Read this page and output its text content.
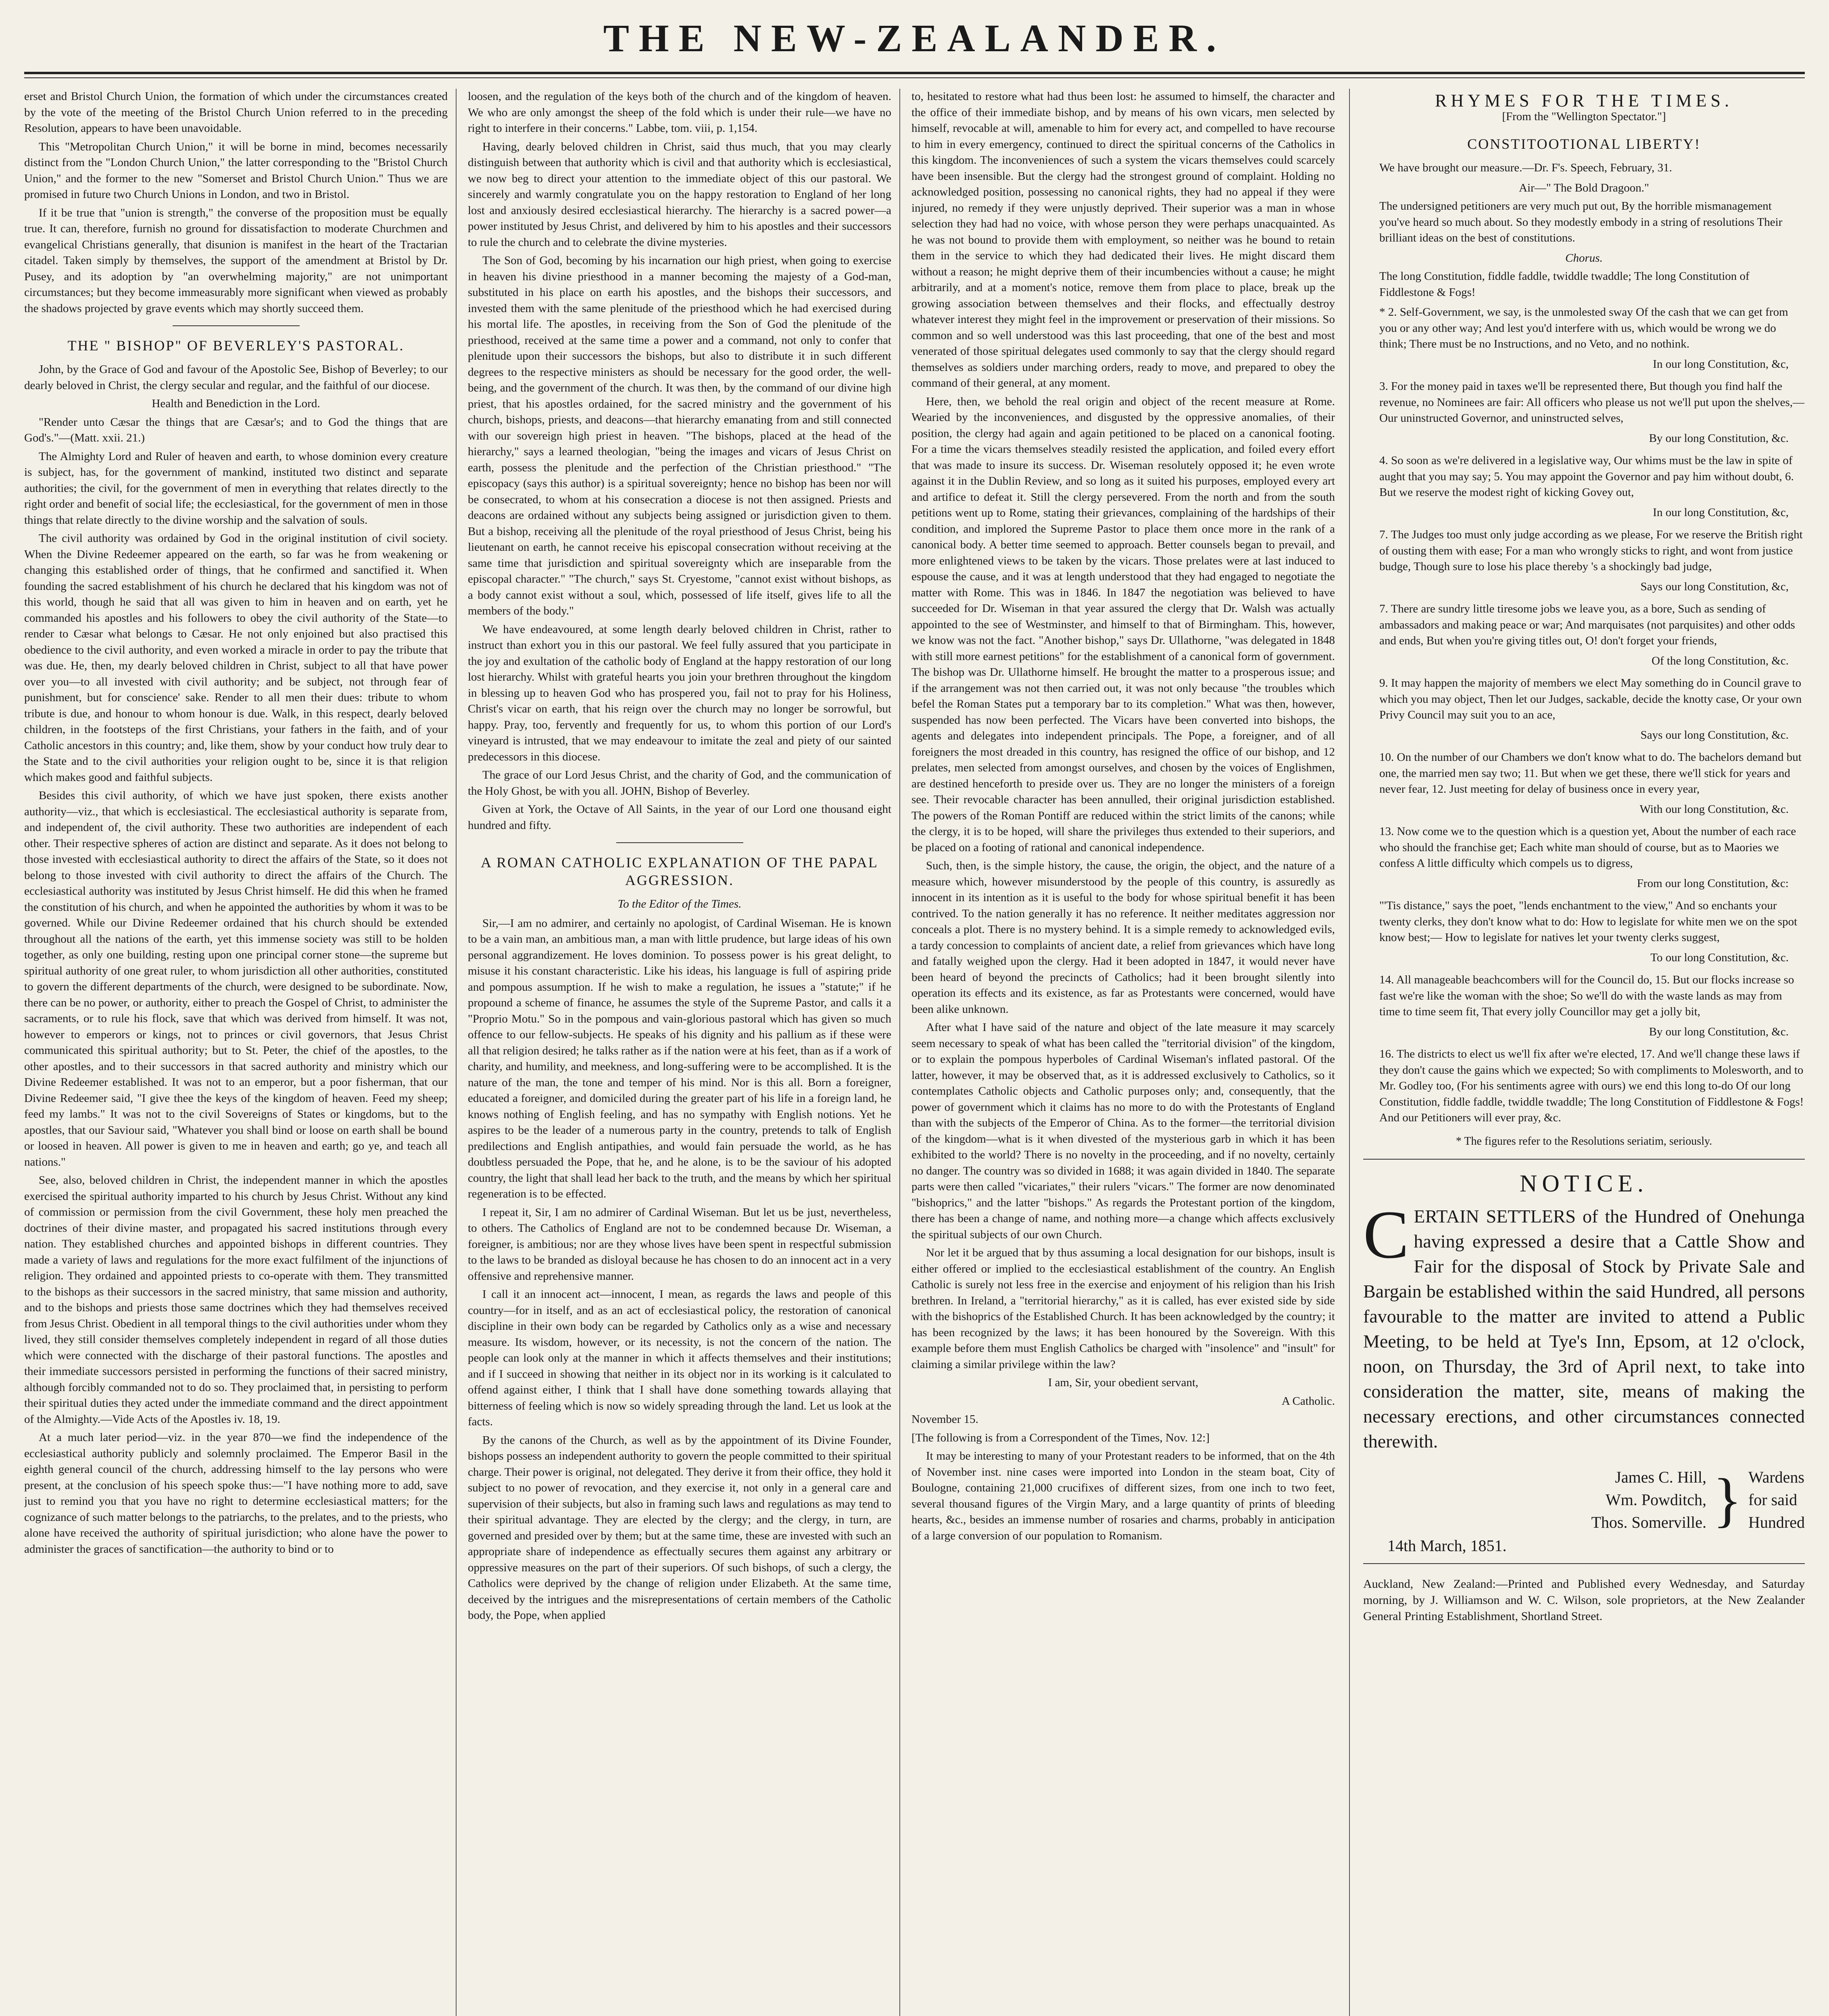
THE NEW-ZEALANDER.

erset and Bristol Church Union, the formation of which under the circumstances created by the vote of the meeting of the Bristol Church Union referred to in the preceding Resolution, appears to have been unavoidable.

This "Metropolitan Church Union," it will be borne in mind, becomes necessarily distinct from the "London Church Union," the latter corresponding to the "Bristol Church Union," and the former to the new "Somerset and Bristol Church Union." Thus we are promised in future two Church Unions in London, and two in Bristol.

If it be true that "union is strength," the converse of the proposition must be equally true. It can, therefore, furnish no ground for dissatisfaction to moderate Churchmen and evangelical Christians generally, that disunion is manifest in the heart of the Tractarian citadel. Taken simply by themselves, the support of the amendment at Bristol by Dr. Pusey, and its adoption by "an overwhelming majority," are not unimportant circumstances; but they become immeasurably more significant when viewed as probably the shadows projected by grave events which may shortly succeed them.

THE " BISHOP" OF BEVERLEY'S PASTORAL.

John, by the Grace of God and favour of the Apostolic See, Bishop of Beverley; to our dearly beloved in Christ, the clergy secular and regular, and the faithful of our diocese.

Health and Benediction in the Lord.

"Render unto Cæsar the things that are Cæsar's; and to God the things that are God's."—(Matt. xxii. 21.)

The Almighty Lord and Ruler of heaven and earth, to whose dominion every creature is subject, has, for the government of mankind, instituted two distinct and separate authorities; the civil, for the government of men in everything that relates directly to the right order and benefit of social life; the ecclesiastical, for the government of men in those things that relate directly to the divine worship and the salvation of souls.

The civil authority was ordained by God in the original institution of civil society. When the Divine Redeemer appeared on the earth, so far was he from weakening or changing this established order of things, that he confirmed and sanctified it. When founding the sacred establishment of his church he declared that his kingdom was not of this world, though he said that all was given to him in heaven and on earth, yet he commanded his apostles and his followers to obey the civil authority of the State—to render to Cæsar what belongs to Cæsar. He not only enjoined but also practised this obedience to the civil authority, and even worked a miracle in order to pay the tribute that was due. He, then, my dearly beloved children in Christ, subject to all that have power over you—to all invested with civil authority; and be subject, not through fear of punishment, but for conscience' sake. Render to all men their dues: tribute to whom tribute is due, and honour to whom honour is due. Walk, in this respect, dearly beloved children, in the footsteps of the first Christians, your fathers in the faith, and of your Catholic ancestors in this country; and, like them, show by your conduct how truly dear to the State and to the civil authorities your religion ought to be, since it is that religion which makes good and faithful subjects.

Besides this civil authority, of which we have just spoken, there exists another authority—viz., that which is ecclesiastical. The ecclesiastical authority is separate from, and independent of, the civil authority. These two authorities are independent of each other. Their respective spheres of action are distinct and separate. As it does not belong to those invested with ecclesiastical authority to direct the affairs of the State, so it does not belong to those invested with civil authority to direct the affairs of the Church. The ecclesiastical authority was instituted by Jesus Christ himself. He did this when he framed the constitution of his church, and when he appointed the authorities by whom it was to be governed. While our Divine Redeemer ordained that his church should be extended throughout all the nations of the earth, yet this immense society was still to be holden together, as only one building, resting upon one principal corner stone—the supreme but spiritual authority of one great ruler, to whom jurisdiction all other authorities, constituted to govern the different departments of the church, were designed to be subordinate. Now, there can be no power, or authority, either to preach the Gospel of Christ, to administer the sacraments, or to rule his flock, save that which was derived from himself. It was not, however to emperors or kings, not to princes or civil governors, that Jesus Christ communicated this spiritual authority; but to St. Peter, the chief of the apostles, to the other apostles, and to their successors in that sacred authority and ministry which our Divine Redeemer established. It was not to an emperor, but a poor fisherman, that our Divine Redeemer said, "I give thee the keys of the kingdom of heaven. Feed my sheep; feed my lambs." It was not to the civil Sovereigns of States or kingdoms, but to the apostles, that our Saviour said, "Whatever you shall bind or loose on earth shall be bound or loosed in heaven. All power is given to me in heaven and earth; go ye, and teach all nations."

See, also, beloved children in Christ, the independent manner in which the apostles exercised the spiritual authority imparted to his church by Jesus Christ. Without any kind of commission or permission from the civil Government, these holy men preached the doctrines of their divine master, and propagated his sacred institutions through every nation. They established churches and appointed bishops in different countries. They made a variety of laws and regulations for the more exact fulfilment of the injunctions of religion. They ordained and appointed priests to co-operate with them. They transmitted to the bishops as their successors in the sacred ministry, that same mission and authority, and to the bishops and priests those same doctrines which they had themselves received from Jesus Christ. Obedient in all temporal things to the civil authorities under whom they lived, they still consider themselves completely independent in regard of all those duties which were connected with the discharge of their pastoral functions. The apostles and their immediate successors persisted in performing the functions of their sacred ministry, although forcibly commanded not to do so. They proclaimed that, in persisting to perform their spiritual duties they acted under the immediate command and the direct appointment of the Almighty.—Vide Acts of the Apostles iv. 18, 19.

At a much later period—viz. in the year 870—we find the independence of the ecclesiastical authority publicly and solemnly proclaimed. The Emperor Basil in the eighth general council of the church, addressing himself to the lay persons who were present, at the conclusion of his speech spoke thus:—"I have nothing more to add, save just to remind you that you have no right to determine ecclesiastical matters; for the cognizance of such matter belongs to the patriarchs, to the prelates, and to the priests, who alone have received the authority of spiritual jurisdiction; who alone have the power to administer the graces of sanctification—the authority to bind or to

loosen, and the regulation of the keys both of the church and of the kingdom of heaven. We who are only amongst the sheep of the fold which is under their rule—we have no right to interfere in their concerns." Labbe, tom. viii, p. 1,154.

Having, dearly beloved children in Christ, said thus much, that you may clearly distinguish between that authority which is civil and that authority which is ecclesiastical, we now beg to direct your attention to the immediate object of this our pastoral. We sincerely and warmly congratulate you on the happy restoration to England of her long lost and anxiously desired ecclesiastical hierarchy. The hierarchy is a sacred power—a power instituted by Jesus Christ, and delivered by him to his apostles and their successors to rule the church and to celebrate the divine mysteries.

The Son of God, becoming by his incarnation our high priest, when going to exercise in heaven his divine priesthood in a manner becoming the majesty of a God-man, substituted in his place on earth his apostles, and the bishops their successors, and invested them with the same plenitude of the priesthood which he had exercised during his mortal life. The apostles, in receiving from the Son of God the plenitude of the priesthood, received at the same time a power and a command, not only to confer that plenitude upon their successors the bishops, but also to distribute it in such different degrees to the respective ministers as should be necessary for the good order, the well-being, and the government of the church. It was then, by the command of our divine high priest, that his apostles ordained, for the sacred ministry and the government of his church, bishops, priests, and deacons—that hierarchy emanating from and still connected with our sovereign high priest in heaven. "The bishops, placed at the head of the hierarchy," says a learned theologian, "being the images and vicars of Jesus Christ on earth, possess the plenitude and the perfection of the Christian priesthood." "The episcopacy (says this author) is a spiritual sovereignty; hence no bishop has been nor will be consecrated, to whom at his consecration a diocese is not then assigned. Priests and deacons are ordained without any subjects being assigned or jurisdiction given to them. But a bishop, receiving all the plenitude of the royal priesthood of Jesus Christ, being his lieutenant on earth, he cannot receive his episcopal consecration without receiving at the same time that jurisdiction and spiritual sovereignty which are inseparable from the episcopal character." "The church," says St. Cryestome, "cannot exist without bishops, as a body cannot exist without a soul, which, possessed of life itself, gives life to all the members of the body."

We have endeavoured, at some length dearly beloved children in Christ, rather to instruct than exhort you in this our pastoral. We feel fully assured that you participate in the joy and exultation of the catholic body of England at the happy restoration of our long lost hierarchy. Whilst with grateful hearts you join your brethren throughout the kingdom in blessing up to heaven God who has prospered you, fail not to pray for his Holiness, Christ's vicar on earth, that his reign over the church may no longer be sorrowful, but happy. Pray, too, fervently and frequently for us, to whom this portion of our Lord's vineyard is intrusted, that we may endeavour to imitate the zeal and piety of our sainted predecessors in this diocese.

The grace of our Lord Jesus Christ, and the charity of God, and the communication of the Holy Ghost, be with you all. JOHN, Bishop of Beverley.

Given at York, the Octave of All Saints, in the year of our Lord one thousand eight hundred and fifty.

A ROMAN CATHOLIC EXPLANATION OF THE PAPAL AGGRESSION.

To the Editor of the Times.

Sir,—I am no admirer, and certainly no apologist, of Cardinal Wiseman. He is known to be a vain man, an ambitious man, a man with little prudence, but large ideas of his own personal aggrandizement. He loves dominion. To possess power is his great delight, to misuse it his constant characteristic. Like his ideas, his language is full of aspiring pride and pompous assumption. If he wish to make a regulation, he issues a "statute;" if he propound a scheme of finance, he assumes the style of the Supreme Pastor, and calls it a "Proprio Motu." So in the pompous and vain-glorious pastoral which has given so much offence to our fellow-subjects. He speaks of his dignity and his pallium as if these were all that religion desired; he talks rather as if the nation were at his feet, than as if a work of charity, and humility, and meekness, and long-suffering were to be accomplished. It is the nature of the man, the tone and temper of his mind. Nor is this all. Born a foreigner, educated a foreigner, and domiciled during the greater part of his life in a foreign land, he knows nothing of English feeling, and has no sympathy with English notions. Yet he aspires to be the leader of a numerous party in the country, pretends to talk of English predilections and English antipathies, and would fain persuade the world, as he has doubtless persuaded the Pope, that he, and he alone, is to be the saviour of his adopted country, the light that shall lead her back to the truth, and the means by which her spiritual regeneration is to be effected.

I repeat it, Sir, I am no admirer of Cardinal Wiseman. But let us be just, nevertheless, to others. The Catholics of England are not to be condemned because Dr. Wiseman, a foreigner, is ambitious; nor are they whose lives have been spent in respectful submission to the laws to be branded as disloyal because he has chosen to do an innocent act in a very offensive and reprehensive manner.

I call it an innocent act—innocent, I mean, as regards the laws and people of this country—for in itself, and as an act of ecclesiastical policy, the restoration of canonical discipline in their own body can be regarded by Catholics only as a wise and necessary measure. Its wisdom, however, or its necessity, is not the concern of the nation. The people can look only at the manner in which it affects themselves and their institutions; and if I succeed in showing that neither in its object nor in its working is it calculated to offend against either, I think that I shall have done something towards allaying that bitterness of feeling which is now so widely spreading through the land. Let us look at the facts.

By the canons of the Church, as well as by the appointment of its Divine Founder, bishops possess an independent authority to govern the people committed to their spiritual charge. Their power is original, not delegated. They derive it from their office, they hold it subject to no power of revocation, and they exercise it, not only in a general care and supervision of their subjects, but also in framing such laws and regulations as may tend to their spiritual advantage. They are elected by the clergy; and the clergy, in turn, are governed and presided over by them; but at the same time, these are invested with such an appropriate share of independence as effectually secures them against any arbitrary or oppressive measures on the part of their superiors. Of such bishops, of such a clergy, the Catholics were deprived by the change of religion under Elizabeth. At the same time, deceived by the intrigues and the misrepresentations of certain members of the Catholic body, the Pope, when applied

to, hesitated to restore what had thus been lost: he assumed to himself, the character and the office of their immediate bishop, and by means of his own vicars, men selected by himself, revocable at will, amenable to him for every act, and compelled to have recourse to him in every emergency, continued to direct the spiritual concerns of the Catholics in this kingdom. The inconveniences of such a system the vicars themselves could scarcely have been insensible. But the clergy had the strongest ground of complaint. Holding no acknowledged position, possessing no canonical rights, they had no appeal if they were injured, no remedy if they were unjustly deprived. Their superior was a man in whose selection they had had no voice, with whose person they were perhaps unacquainted. As he was not bound to provide them with employment, so neither was he bound to retain them in the service to which they had dedicated their lives. He might discard them without a reason; he might deprive them of their incumbencies without a cause; he might arbitrarily, and at a moment's notice, remove them from place to place, break up the growing association between themselves and their flocks, and effectually destroy whatever interest they might feel in the improvement or preservation of their missions. So common and so well understood was this last proceeding, that one of the best and most venerated of those spiritual delegates used commonly to say that the clergy should regard themselves as soldiers under marching orders, ready to move, and prepared to obey the command of their general, at any moment.

Here, then, we behold the real origin and object of the recent measure at Rome. Wearied by the inconveniences, and disgusted by the oppressive anomalies, of their position, the clergy had again and again petitioned to be placed on a canonical footing. For a time the vicars themselves steadily resisted the application, and foiled every effort that was made to insure its success. Dr. Wiseman resolutely opposed it; he even wrote against it in the Dublin Review, and so long as it suited his purposes, employed every art and artifice to defeat it. Still the clergy persevered. From the north and from the south petitions went up to Rome, stating their grievances, complaining of the hardships of their condition, and implored the Supreme Pastor to place them once more in the rank of a canonical body. A better time seemed to approach. Better counsels began to prevail, and more enlightened views to be taken by the vicars. Those prelates were at last induced to espouse the cause, and it was at length understood that they had engaged to negotiate the matter with Rome. This was in 1846. In 1847 the negotiation was believed to have succeeded for Dr. Wiseman in that year assured the clergy that Dr. Walsh was actually appointed to the see of Westminster, and himself to that of Birmingham. This, however, we know was not the fact. "Another bishop," says Dr. Ullathorne, "was delegated in 1848 with still more earnest petitions" for the establishment of a canonical form of government. The bishop was Dr. Ullathorne himself. He brought the matter to a prosperous issue; and if the arrangement was not then carried out, it was not only because "the troubles which befel the Roman States put a temporary bar to its completion." What was then, however, suspended has now been perfected. The Vicars have been converted into bishops, the agents and delegates into independent principals. The Pope, a foreigner, and of all foreigners the most dreaded in this country, has resigned the office of our bishop, and 12 prelates, men selected from amongst ourselves, and chosen by the voices of Englishmen, are destined henceforth to preside over us. They are no longer the ministers of a foreign see. Their revocable character has been annulled, their original jurisdiction established. The powers of the Roman Pontiff are reduced within the strict limits of the canons; while the clergy, it is to be hoped, will share the privileges thus extended to their superiors, and be placed on a footing of rational and canonical independence.

Such, then, is the simple history, the cause, the origin, the object, and the nature of a measure which, however misunderstood by the people of this country, is assuredly as innocent in its intention as it is useful to the body for whose spiritual benefit it has been contrived. To the nation generally it has no reference. It neither meditates aggression nor conceals a plot. There is no mystery behind. It is a simple remedy to acknowledged evils, a tardy concession to complaints of ancient date, a relief from grievances which have long and fatally weighed upon the clergy. Had it been adopted in 1847, it would never have been heard of beyond the precincts of Catholics; had it been brought silently into operation its effects and its existence, as far as Protestants were concerned, would have been alike unknown.

After what I have said of the nature and object of the late measure it may scarcely seem necessary to speak of what has been called the "territorial division" of the kingdom, or to explain the pompous hyperboles of Cardinal Wiseman's inflated pastoral. Of the latter, however, it may be observed that, as it is addressed exclusively to Catholics, so it contemplates Catholic objects and Catholic purposes only; and, consequently, that the power of government which it claims has no more to do with the Protestants of England than with the subjects of the Emperor of China. As to the former—the territorial division of the kingdom—what is it when divested of the mysterious garb in which it has been exhibited to the world? There is no novelty in the proceeding, and if no novelty, certainly no danger. The country was so divided in 1688; it was again divided in 1840. The separate parts were then called "vicariates," their rulers "vicars." The former are now denominated "bishoprics," and the latter "bishops." As regards the Protestant portion of the kingdom, there has been a change of name, and nothing more—a change which affects exclusively the spiritual subjects of our own Church.

Nor let it be argued that by thus assuming a local designation for our bishops, insult is either offered or implied to the ecclesiastical establishment of the country. An English Catholic is surely not less free in the exercise and enjoyment of his religion than his Irish brethren. In Ireland, a "territorial hierarchy," as it is called, has ever existed side by side with the bishoprics of the Established Church. It has been acknowledged by the country; it has been recognized by the laws; it has been honoured by the Sovereign. With this example before them must English Catholics be charged with "insolence" and "insult" for claiming a similar privilege within the law?

I am, Sir, your obedient servant,

A Catholic.

November 15.

[The following is from a Correspondent of the Times, Nov. 12:]

It may be interesting to many of your Protestant readers to be informed, that on the 4th of November inst. nine cases were imported into London in the steam boat, City of Boulogne, containing 21,000 crucifixes of different sizes, from one inch to two feet, several thousand figures of the Virgin Mary, and a large quantity of prints of bleeding hearts, &c., besides an immense number of rosaries and charms, probably in anticipation of a large conversion of our population to Romanism.

RHYMES FOR THE TIMES.

[From the "Wellington Spectator."]

CONSTITOOTIONAL LIBERTY!

We have brought our measure.—Dr. F's. Speech, February, 31.

Air—" The Bold Dragoon."

The undersigned petitioners are very much put out, By the horrible mismanagement you've heard so much about. So they modestly embody in a string of resolutions Their brilliant ideas on the best of constitutions.

Chorus.

The long Constitution, fiddle faddle, twiddle twaddle; The long Constitution of Fiddlestone & Fogs!

* 2. Self-Government, we say, is the unmolested sway Of the cash that we can get from you or any other way; And lest you'd interfere with us, which would be wrong we do think; There must be no Instructions, and no Veto, and no nothink.

In our long Constitution, &c,

3. For the money paid in taxes we'll be represented there, But though you find half the revenue, no Nominees are fair: All officers who please us not we'll put upon the shelves,— Our uninstructed Governor, and uninstructed selves,

By our long Constitution, &c.

4. So soon as we're delivered in a legislative way, Our whims must be the law in spite of aught that you may say; 5. You may appoint the Governor and pay him without doubt, 6. But we reserve the modest right of kicking Govey out,

In our long Constitution, &c,

7. The Judges too must only judge according as we please, For we reserve the British right of ousting them with ease; For a man who wrongly sticks to right, and wont from justice budge, Though sure to lose his place thereby 's a shockingly bad judge,

Says our long Constitution, &c,

7. There are sundry little tiresome jobs we leave you, as a bore, Such as sending of ambassadors and making peace or war; And marquisates (not parquisites) and other odds and ends, But when you're giving titles out, O! don't forget your friends,

Of the long Constitution, &c.

9. It may happen the majority of members we elect May something do in Council grave to which you may object, Then let our Judges, sackable, decide the knotty case, Or your own Privy Council may suit you to an ace,

Says our long Constitution, &c.

10. On the number of our Chambers we don't know what to do. The bachelors demand but one, the married men say two; 11. But when we get these, there we'll stick for years and never fear, 12. Just meeting for delay of business once in every year,

With our long Constitution, &c.

13. Now come we to the question which is a question yet, About the number of each race who should the franchise get; Each white man should of course, but as to Maories we confess A little difficulty which compels us to digress,

From our long Constitution, &c:

"'Tis distance," says the poet, "lends enchantment to the view," And so enchants your twenty clerks, they don't know what to do: How to legislate for white men we on the spot know best;— How to legislate for natives let your twenty clerks suggest,

To our long Constitution, &c.

14. All manageable beachcombers will for the Council do, 15. But our flocks increase so fast we're like the woman with the shoe; So we'll do with the waste lands as may from time to time seem fit, That every jolly Councillor may get a jolly bit,

By our long Constitution, &c.

16. The districts to elect us we'll fix after we're elected, 17. And we'll change these laws if they don't cause the gains which we expected; So with compliments to Molesworth, and to Mr. Godley too, (For his sentiments agree with ours) we end this long to-do Of our long Constitution, fiddle faddle, twiddle twaddle; The long Constitution of Fiddlestone & Fogs! And our Petitioners will ever pray, &c.

* The figures refer to the Resolutions seriatim, seriously.

NOTICE.
C ERTAIN SETTLERS of the Hundred of Onehunga having expressed a desire that a Cattle Show and Fair for the disposal of Stock by Private Sale and Bargain be established within the said Hundred, all persons favourable to the matter are invited to attend a Public Meeting, to be held at Tye's Inn, Epsom, at 12 o'clock, noon, on Thursday, the 3rd of April next, to take into consideration the matter, site, means of making the necessary erections, and other circumstances connected therewith.
James C. Hill,
Wm. Powditch,
Thos. Somerville. } Wardens
for said
Hundred
14th March, 1851.

Auckland, New Zealand:—Printed and Published every Wednesday, and Saturday morning, by J. Williamson and W. C. Wilson, sole proprietors, at the New Zealander General Printing Establishment, Shortland Street.
